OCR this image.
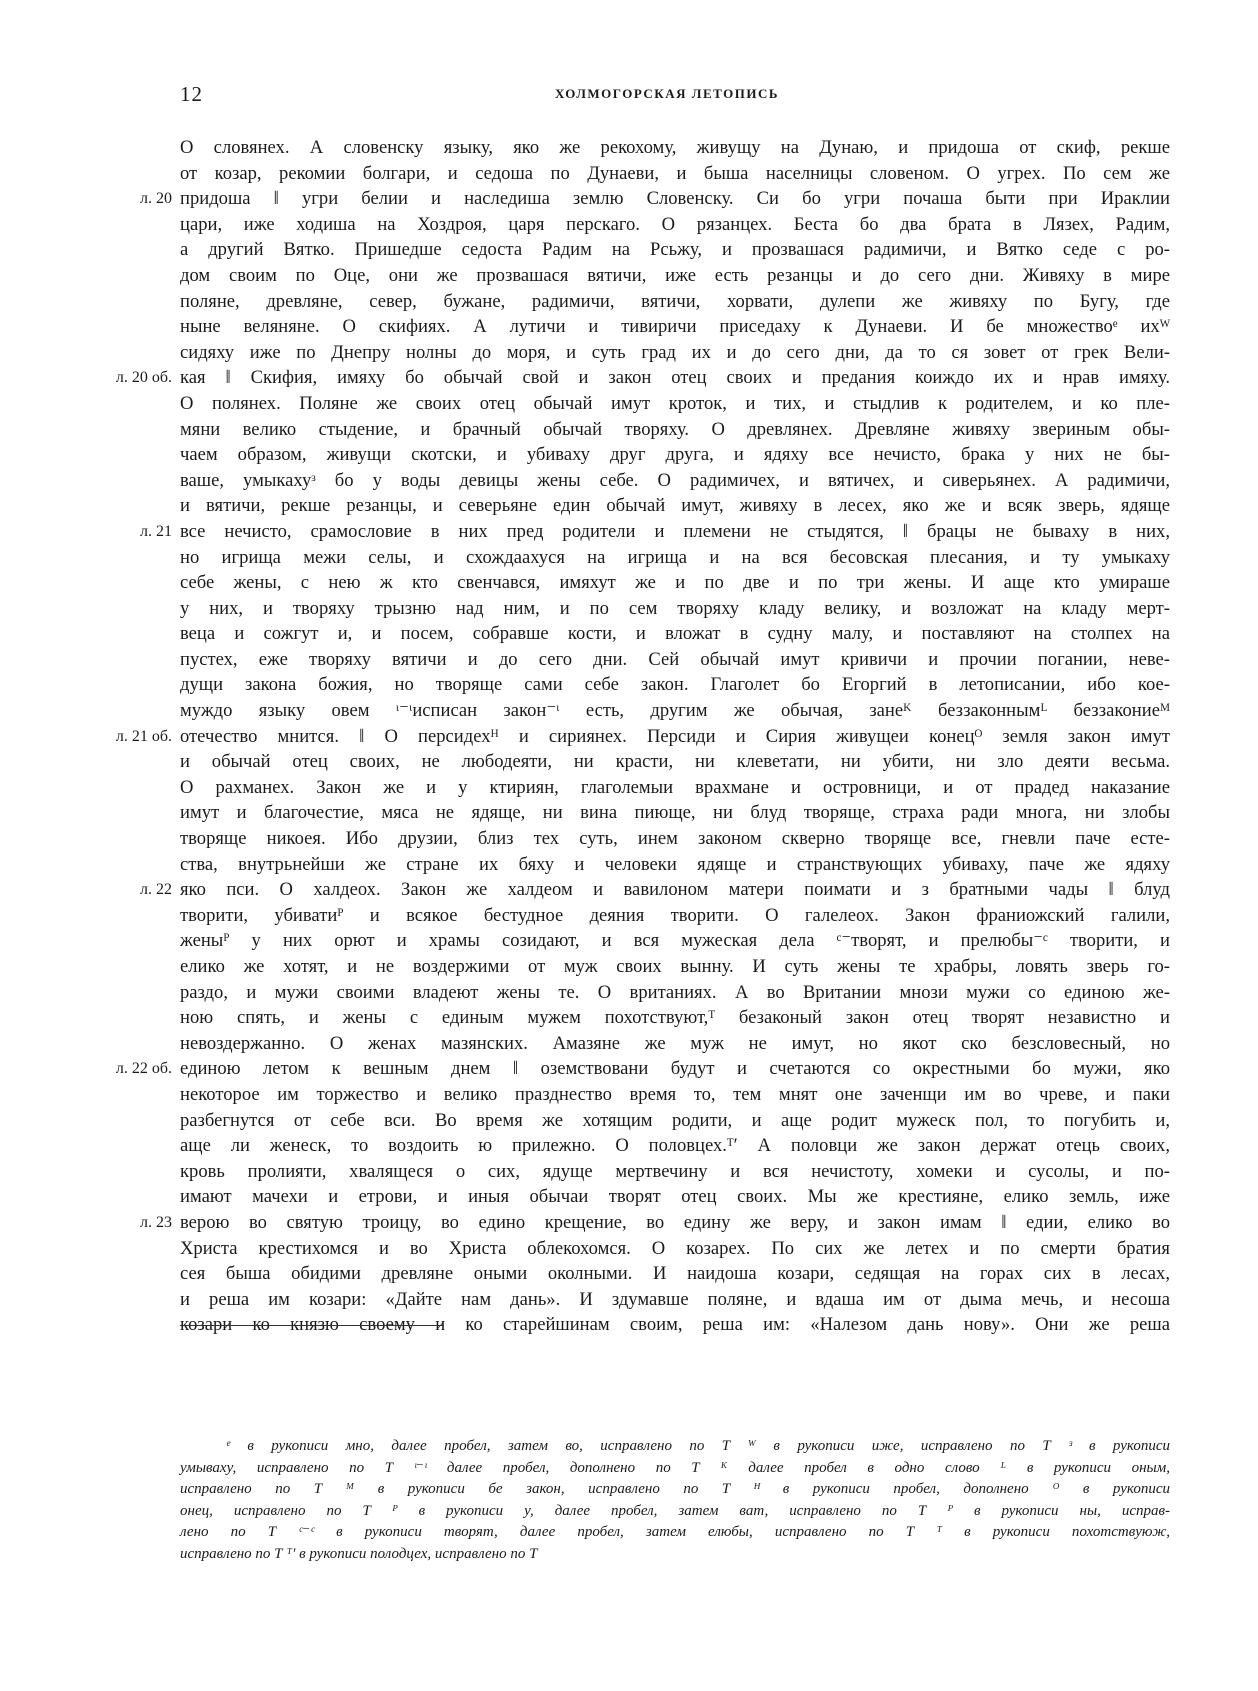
12	ХОЛМОГОРСКАЯ ЛЕТОПИСЬ
О словянех. А словенску языку, яко же рекохому, живущу на Дунаю, и придоша от скиф, рекше
от козар, рекомии болгари, и седоша по Дунаеви, и быша населницы словеном. О угрех. По сем же
придоша ‖ угри белии и наследиша землю Словенску. Си бо угри почаша быти при Ираклии
л. 20
цари, иже ходиша на Хоздроя, царя перскаго. О рязанцех. Беста бо два брата в Лязех, Радим,
а другий Вятко. Пришедше седоста Радим на Рсьжу, и прозвашася радимичи, и Вятко седе с ро-
дом своим по Оце, они же прозвашася вятичи, иже есть резанцы и до сего дни. Живяху в мире
поляне, древляне, север, бужане, радимичи, вятичи, хорвати, дулепи же живяху по Бугу, где
ныне веляняне. О скифиях. А лутичи и тивиричи приседаху к Дунаеви. И бе множествоᵉ ихᵂ
сидяху иже по Днепру нолны до моря, и суть град их и до сего дни, да то ся зовет от грек Вели-
кая ‖ Скифия, имяху бо обычай свой и закон отец своих и предания коиждо их и нрав имяху.
л. 20 об.
О полянех. Поляне же своих отец обычай имут кроток, и тих, и стыдлив к родителем, и ко пле-
мяни велико стыдение, и брачный обычай творяху. О древлянех. Древляне живяху звериным обы-
чаем образом, живущи скотски, и убиваху друг друга, и ядяху все нечисто, брака у них не бы-
ваше, умыкахуᶟ бо у воды девицы жены себе. О радимичех, и вятичех, и сиверьянех. А радимичи,
и вятичи, рекше резанцы, и северьяне един обычай имут, живяху в лесех, яко же и всяк зверь, ядяще
все нечисто, срамословие в них пред родители и племени не стыдятся, ‖ брацы не бываху в них,
л. 21
но игрища межи селы, и схождаахуся на игрища и на вся бесовская плесания, и ту умыкаху
себе жены, с нею ж кто свенчався, имяхут же и по две и по три жены. И аще кто умираше
у них, и творяху трызню над ним, и по сем творяху кладу велику, и возложат на кладу мерт-
веца и сожгут и, и посем, собравше кости, и вложат в судну малу, и поставляют на столпех на
пустех, еже творяху вятичи и до сего дни. Сей обычай имут кривичи и прочии погании, неве-
дущи закона божия, но творяще сами себе закон. Глаголет бо Егоргий в летописании, ибо кое-
муждо языку овем ᶥ⁻ᶥисписан закон⁻ᶥ есть, другим же обычая, занеᴷ беззаконнымᴸ беззакониеᴹ
отечество мнится. ‖ О персидехᴴ и сириянех. Персиди и Сирия живущеи конецᴼ земля закон имут
л. 21 об.
и обычай отец своих, не любодеяти, ни красти, ни клеветати, ни убити, ни зло деяти весьма.
О рахманех. Закон же и у ктириян, глаголемыи врахмане и островници, и от прадед наказание
имут и благочестие, мяса не ядяще, ни вина пиюще, ни блуд творяще, страха ради многа, ни злобы
творяще никоея. Ибо друзии, близ тех суть, инем законом скверно творяще все, гневли паче есте-
ства, внутрьнейши же стране их бяху и человеки ядяще и странствующих убиваху, паче же ядяху
яко пси. О халдеох. Закон же халдеом и вавилоном матери поимати и з братными чады ‖ блуд
л. 22
творити, убиватиᴾ и всякое бестудное деяния творити. О галелеох. Закон франиожский галили,
женыᴾ у них орют и храмы созидают, и вся мужеская дела ᶜ⁻творят, и прелюбы⁻ᶜ творити, и
елико же хотят, и не воздержими от муж своих вынну. И суть жены те храбры, ловять зверь го-
раздо, и мужи своими владеют жены те. О вританиях. А во Вритании мнози мужи со единою же-
ною спять, и жены с единым мужем похотствуют,ᵀ безаконый закон отец творят независтно и
невоздержанно. О женах мазянских. Амазяне же муж не имут, но якот ско безсловесный, но
единою летом к вешным днем ‖ оземствовани будут и счетаются со окрестными бо мужи, яко
л. 22 об.
некоторое им торжество и велико празднество время то, тем мнят оне заченщи им во чреве, и паки
разбегнутся от себе вси. Во время же хотящим родити, и аще родит мужеск пол, то погубить и,
аще ли женеск, то воздоить ю прилежно. О половцех.ᵀ′ А половци же закон держат отець своих,
кровь пролияти, хвалящеся о сих, ядуще мертвечину и вся нечистоту, хомеки и сусолы, и по-
имают мачехи и етрови, и иныя обычаи творят отец своих. Мы же крестияне, елико земль, иже
верою во святую троицу, во едино крещение, во едину же веру, и закон имам ‖ едии, елико во
л. 23
Христа крестихомся и во Христа облекохомся. О козарех. По сих же летех и по смерти братия
сея быша обидими древляне оными околными. И наидоша козари, седящая на горах сих в лесах,
и реша им козари: «Дайте нам дань». И здумавше поляне, и вдаша им от дыма мечь, и несоша
козари ко князю своему и ко старейшинам своим, реша им: «Налезом дань нову». Они же реша
ᵉ в рукописи мно, далее пробел, затем во, исправлено по Т ᵂ в рукописи иже, исправлено по Т ᶟ в рукописи
умываху, исправлено по Т ᶥ⁻ᶥ далее пробел, дополнено по Т ᴷ далее пробел в одно слово ᴸ в рукописи оным,
исправлено по Т ᴹ в рукописи бе закон, исправлено по Т ᴴ в рукописи пробел, дополнено ᴼ в рукописи
онец, исправлено по Т ᴾ в рукописи у, далее пробел, затем ват, исправлено по Т ᴾ в рукописи ны, исправ-
лено по Т ᶜ⁻ᶜ в рукописи творят, далее пробел, затем елюбы, исправлено по Т ᵀ в рукописи похотствуюж,
исправлено по Т ᵀ′ в рукописи полодцех, исправлено по Т
